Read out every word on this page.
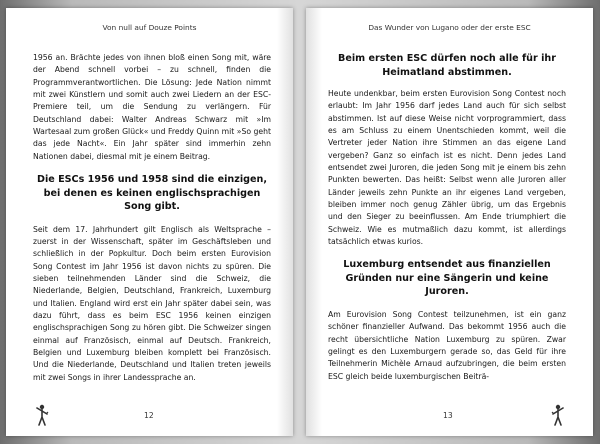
Von null auf Douze Points

1956 an. Brächte jedes von ihnen bloß einen Song mit, wäre der Abend schnell vorbei – zu schnell, finden die Programmverantwortlichen. Die Lösung: Jede Nation nimmt mit zwei Künstlern und somit auch zwei Liedern an der ESC-Premiere teil, um die Sendung zu verlängern. Für Deutschland dabei: Walter Andreas Schwarz mit »Im Wartesaal zum großen Glück« und Freddy Quinn mit »So geht das jede Nacht«. Ein Jahr später sind immerhin zehn Nationen dabei, diesmal mit je einem Beitrag.

Die ESCs 1956 und 1958 sind die einzigen, bei denen es keinen englischsprachigen Song gibt.

Seit dem 17. Jahrhundert gilt Englisch als Weltsprache – zuerst in der Wissenschaft, später im Geschäftsleben und schließlich in der Popkultur. Doch beim ersten Eurovision Song Contest im Jahr 1956 ist davon nichts zu spüren. Die sieben teilnehmenden Länder sind die Schweiz, die Niederlande, Belgien, Deutschland, Frankreich, Luxemburg und Italien. England wird erst ein Jahr später dabei sein, was dazu führt, dass es beim ESC 1956 keinen einzigen englischsprachigen Song zu hören gibt. Die Schweizer singen einmal auf Französisch, einmal auf Deutsch. Frankreich, Belgien und Luxemburg bleiben komplett bei Französisch. Und die Niederlande, Deutschland und Italien treten jeweils mit zwei Songs in ihrer Landessprache an.

12
Das Wunder von Lugano oder der erste ESC
Beim ersten ESC dürfen noch alle für ihr Heimatland abstimmen.

Heute undenkbar, beim ersten Eurovision Song Contest noch erlaubt: Im Jahr 1956 darf jedes Land auch für sich selbst abstimmen. Ist auf diese Weise nicht vorprogrammiert, dass es am Schluss zu einem Unentschieden kommt, weil die Vertreter jeder Nation ihre Stimmen an das eigene Land vergeben? Ganz so einfach ist es nicht. Denn jedes Land entsendet zwei Juroren, die jeden Song mit je einem bis zehn Punkten bewerten. Das heißt: Selbst wenn alle Juroren aller Länder jeweils zehn Punkte an ihr eigenes Land vergeben, bleiben immer noch genug Zähler übrig, um das Ergebnis und den Sieger zu beeinflussen. Am Ende triumphiert die Schweiz. Wie es mutmaßlich dazu kommt, ist allerdings tatsächlich etwas kurios.

Luxemburg entsendet aus finanziellen Gründen nur eine Sängerin und keine Juroren.

Am Eurovision Song Contest teilzunehmen, ist ein ganz schöner finanzieller Aufwand. Das bekommt 1956 auch die recht übersichtliche Nation Luxemburg zu spüren. Zwar gelingt es den Luxemburgern gerade so, das Geld für ihre Teilnehmerin Michèle Arnaud aufzubringen, die beim ersten ESC gleich beide luxemburgischen Beiträ-

13
